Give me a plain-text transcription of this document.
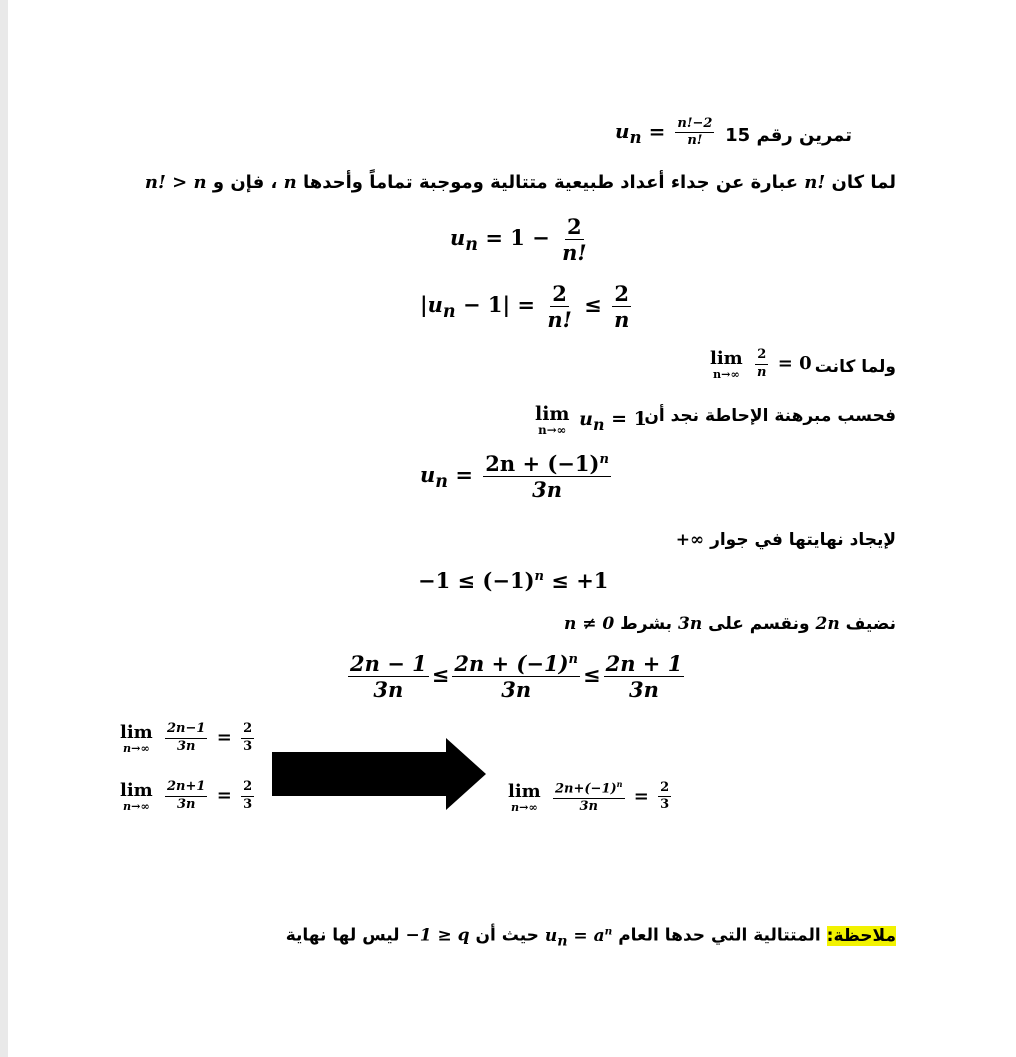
$u_n = \frac{n!-2}{n!}$ تمرين رقم 15
لما كان n! عبارة عن جداء أعداد طبيعية متتالية وموجبة تماماً وأحدها n ، فإن و n! > n
$u_n = 1 - \frac{2}{n!}$
$|u_n - 1| = \frac{2}{n!} \le \frac{2}{n}$
lim
n→∞
$\frac{2}{n} = 0$ ولما كانت
lim
n→∞
$u_n = 1$
فحسب مبرهنة الإحاطة نجد أن:
$u_n = \frac{2n + (-1)^n}{3n}$
لإيجاد نهايتها في جوار +∞
$-1 \le (-1)^n \le +1$
نضيف 2n ونقسم على 3n بشرط n ≠ 0
$\frac{2n - 1}{3n} \le \frac{2n + (-1)^n}{3n} \le \frac{2n + 1}{3n}$
lim
n→∞
$\frac{2n-1}{3n} = \frac{2}{3}$
lim
n→∞
$\frac{2n+1}{3n} = \frac{2}{3}$	lim
n→∞
$\frac{2n+(-1)^n}{3n} = \frac{2}{3}$
ملاحظة: المتتالية التي حدها العام $u_n = a^n$ حيث أن −1 ≥ q ليس لها نهاية
